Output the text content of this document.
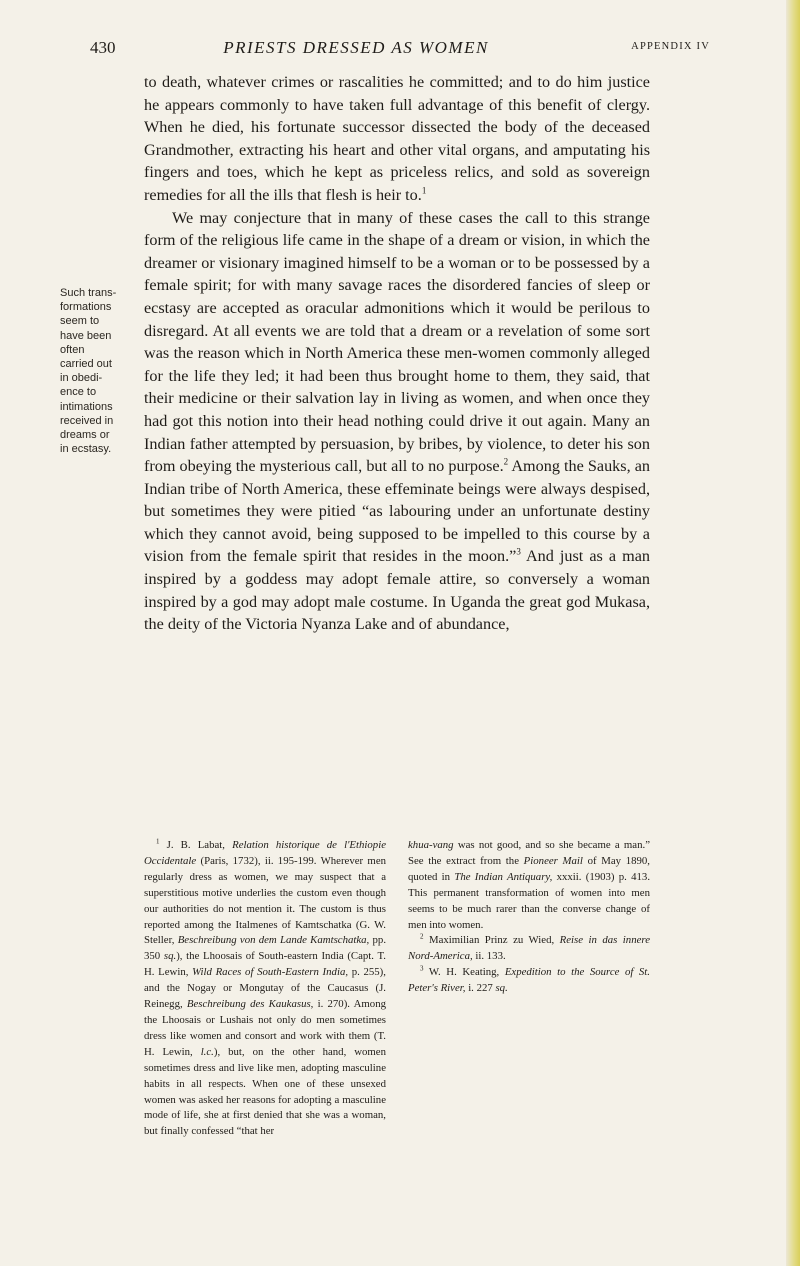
430	PRIESTS DRESSED AS WOMEN	APPENDIX IV
Such trans-
formations
seem to
have been
often
carried out
in obedi-
ence to
intimations
received in
dreams or
in ecstasy.

to death, whatever crimes or rascalities he committed; and to do him justice he appears commonly to have taken full advantage of this benefit of clergy. When he died, his fortunate successor dissected the body of the deceased Grandmother, extracting his heart and other vital organs, and amputating his fingers and toes, which he kept as priceless relics, and sold as sovereign remedies for all the ills that flesh is heir to.$^1$

We may conjecture that in many of these cases the call to this strange form of the religious life came in the shape of a dream or vision, in which the dreamer or visionary imagined himself to be a woman or to be possessed by a female spirit; for with many savage races the disordered fancies of sleep or ecstasy are accepted as oracular admonitions which it would be perilous to disregard. At all events we are told that a dream or a revelation of some sort was the reason which in North America these men-women commonly alleged for the life they led; it had been thus brought home to them, they said, that their medicine or their salvation lay in living as women, and when once they had got this notion into their head nothing could drive it out again. Many an Indian father attempted by persuasion, by bribes, by violence, to deter his son from obeying the mysterious call, but all to no purpose.$^2$ Among the Sauks, an Indian tribe of North America, these effeminate beings were always despised, but sometimes they were pitied “as labouring under an unfortunate destiny which they cannot avoid, being supposed to be impelled to this course by a vision from the female spirit that resides in the moon.”$^3$ And just as a man inspired by a goddess may adopt female attire, so conversely a woman inspired by a god may adopt male costume. In Uganda the great god Mukasa, the deity of the Victoria Nyanza Lake and of abundance,

$^1$ J. B. Labat, Relation historique de l'Ethiopie Occidentale (Paris, 1732), ii. 195-199. Wherever men regularly dress as women, we may suspect that a superstitious motive underlies the custom even though our authorities do not mention it. The custom is thus reported among the Italmenes of Kamtschatka (G. W. Steller, Beschreibung von dem Lande Kamtschatka, pp. 350 sq.), the Lhoosais of South-eastern India (Capt. T. H. Lewin, Wild Races of South-Eastern India, p. 255), and the Nogay or Mongutay of the Caucasus (J. Reinegg, Beschreibung des Kaukasus, i. 270). Among the Lhoosais or Lushais not only do men sometimes dress like women and consort and work with them (T. H. Lewin, l.c.), but, on the other hand, women sometimes dress and live like men, adopting masculine habits in all respects. When one of these unsexed women was asked her reasons for adopting a masculine mode of life, she at first denied that she was a woman, but finally confessed “that her

khua-vang was not good, and so she became a man.” See the extract from the Pioneer Mail of May 1890, quoted in The Indian Antiquary, xxxii. (1903) p. 413. This permanent transformation of women into men seems to be much rarer than the converse change of men into women.

$^2$ Maximilian Prinz zu Wied, Reise in das innere Nord-America, ii. 133.

$^3$ W. H. Keating, Expedition to the Source of St. Peter's River, i. 227 sq.
